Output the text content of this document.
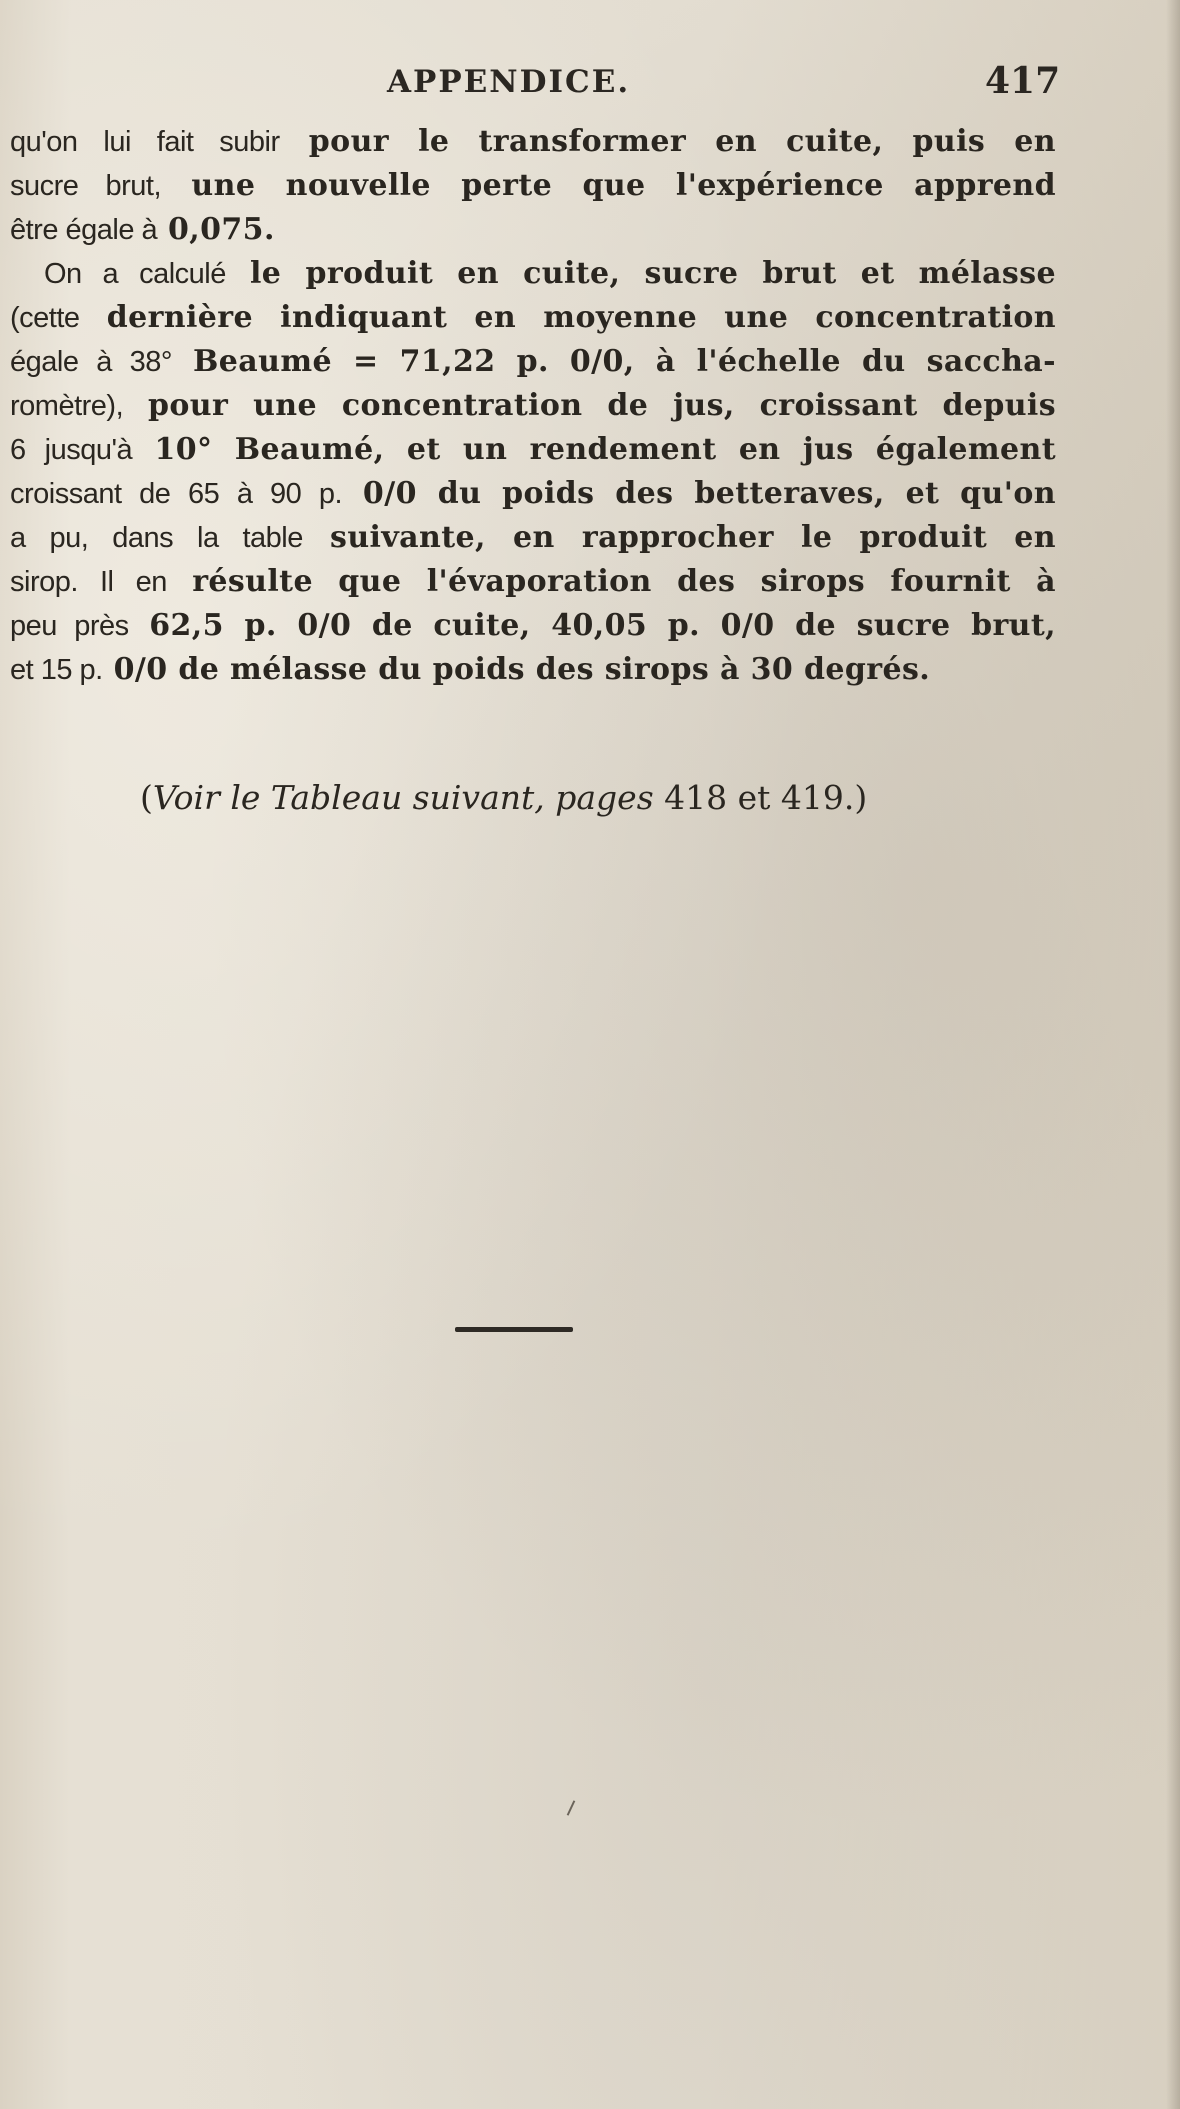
APPENDICE.	417
qu'on lui fait subir pour le transformer en cuite, puis en
sucre brut, une nouvelle perte que l'expérience apprend
être égale à 0,075.
On a calculé le produit en cuite, sucre brut et mélasse
(cette dernière indiquant en moyenne une concentration
égale à 38° Beaumé = 71,22 p. 0/0, à l'échelle du saccha-
romètre), pour une concentration de jus, croissant depuis
6 jusqu'à 10° Beaumé, et un rendement en jus également
croissant de 65 à 90 p. 0/0 du poids des betteraves, et qu'on
a pu, dans la table suivante, en rapprocher le produit en
sirop. Il en résulte que l'évaporation des sirops fournit à
peu près 62,5 p. 0/0 de cuite, 40,05 p. 0/0 de sucre brut,
et 15 p. 0/0 de mélasse du poids des sirops à 30 degrés.
(Voir le Tableau suivant, pages 418 et 419.)
